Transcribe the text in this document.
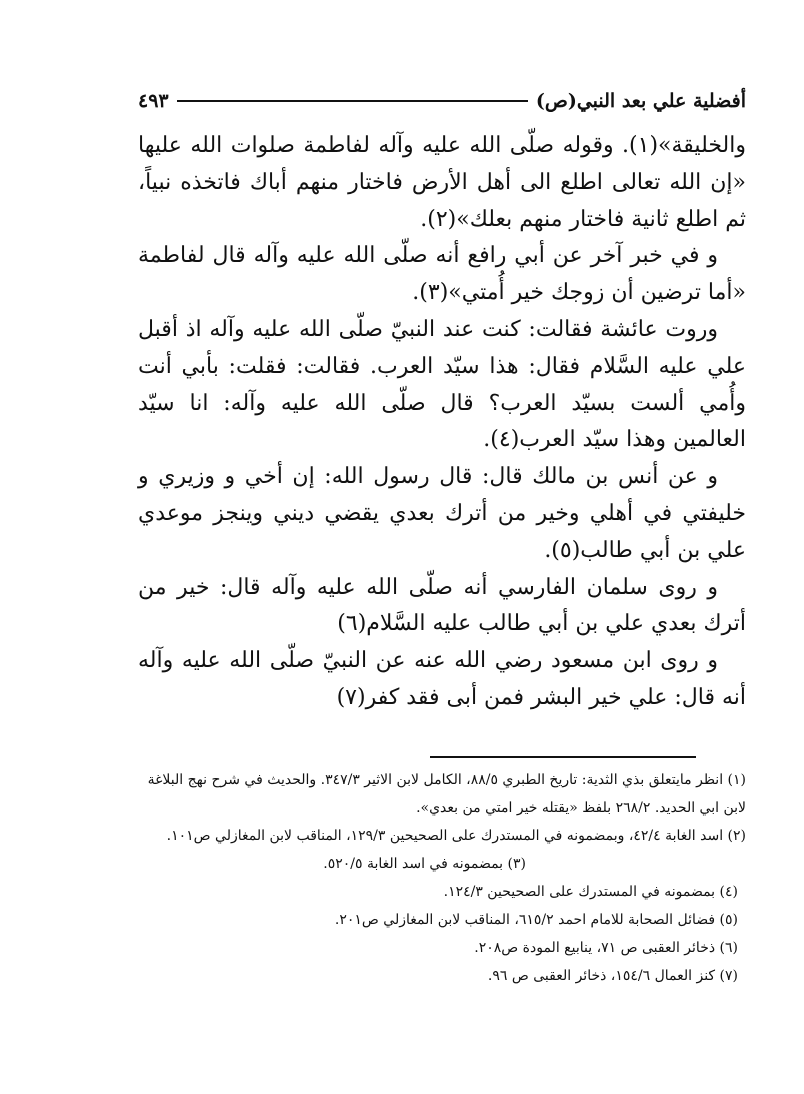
أفضلية علي بعد النبي(ص)
٤٩٣

والخليقة»(١). وقوله صلّى الله عليه وآله لفاطمة صلوات الله عليها «إن الله تعالى اطلع الى أهل الأرض فاختار منهم أباك فاتخذه نبياً، ثم اطلع ثانية فاختار منهم بعلك»(٢).

و في خبر آخر عن أبي رافع أنه صلّى الله عليه وآله قال لفاطمة «أما ترضين أن زوجك خير أُمتي»(٣).

وروت عائشة فقالت: كنت عند النبيّ صلّى الله عليه وآله اذ أقبل علي عليه السَّلام فقال: هذا سيّد العرب. فقالت: فقلت: بأبي أنت وأُمي ألست بسيّد العرب؟ قال صلّى الله عليه وآله: انا سيّد العالمين وهذا سيّد العرب(٤).

و عن أنس بن مالك قال: قال رسول الله: إن أخي و وزيري و خليفتي في أهلي وخير من أترك بعدي يقضي ديني وينجز موعدي علي بن أبي طالب(٥).

و روى سلمان الفارسي أنه صلّى الله عليه وآله قال: خير من أترك بعدي علي بن أبي طالب عليه السَّلام(٦)

و روى ابن مسعود رضي الله عنه عن النبيّ صلّى الله عليه وآله أنه قال: علي خير البشر فمن أبى فقد كفر(٧)

(١) انظر مايتعلق بذي الثدية: تاريخ الطبري ٨٨/٥، الكامل لابن الاثير ٣٤٧/٣. والحديث في شرح نهج البلاغة لابن ابي الحديد. ٢٦٨/٢ بلفظ «يقتله خير امتي من بعدي».

(٢) اسد الغابة ٤٢/٤، وبمضمونه في المستدرك على الصحيحين ١٢٩/٣، المناقب لابن المغازلي ص١٠١.
(٣) بمضمونه في اسد الغابة ٥٢٠/٥.

(٤) بمضمونه في المستدرك على الصحيحين ١٢٤/٣.

(٥) فضائل الصحابة للامام احمد ٦١٥/٢، المناقب لابن المغازلي ص٢٠١.

(٦) ذخائر العقبى ص ٧١، ينابيع المودة ص٢٠٨.

(٧) كنز العمال ١٥٤/٦، ذخائر العقبى ص ٩٦.
